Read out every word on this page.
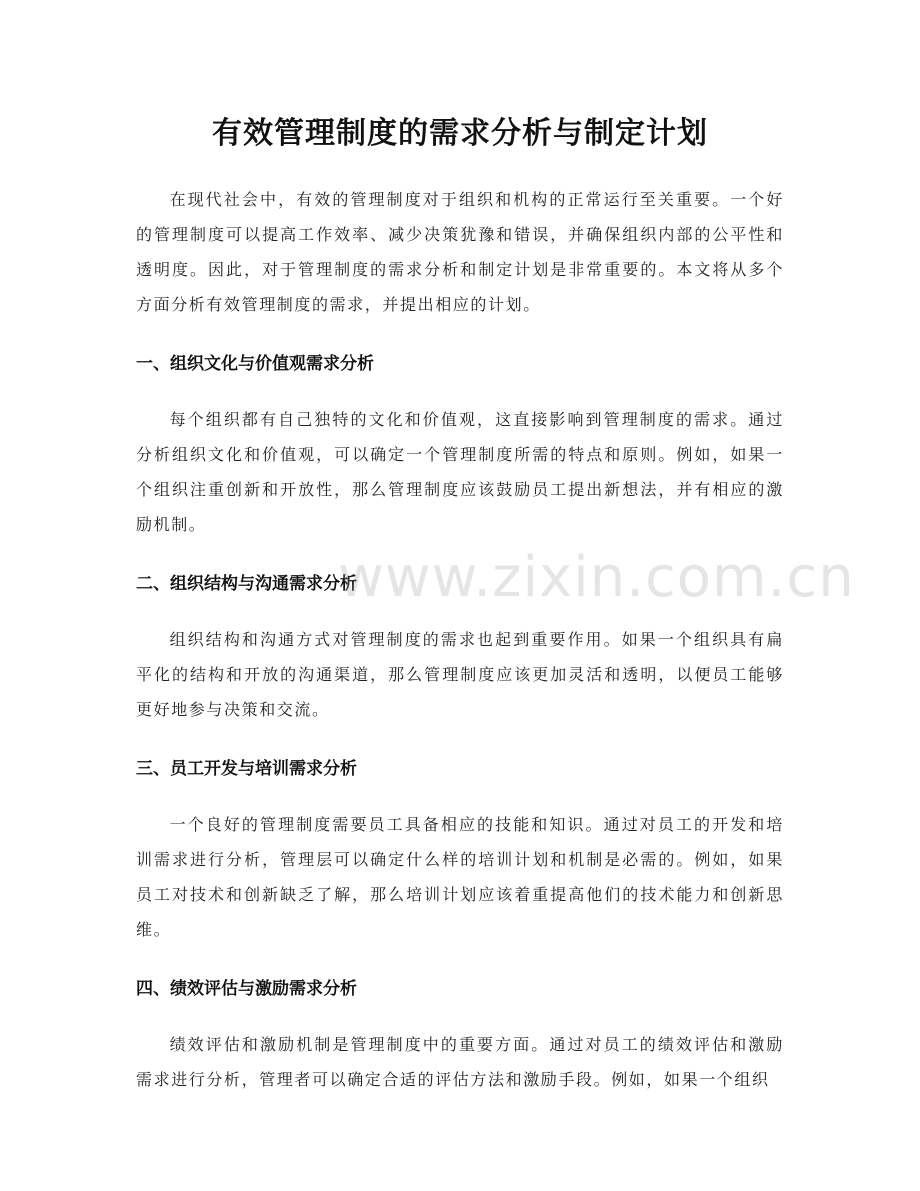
有效管理制度的需求分析与制定计划

在现代社会中，有效的管理制度对于组织和机构的正常运行至关重要。一个好的管理制度可以提高工作效率、减少决策犹豫和错误，并确保组织内部的公平性和透明度。因此，对于管理制度的需求分析和制定计划是非常重要的。本文将从多个方面分析有效管理制度的需求，并提出相应的计划。

一、组织文化与价值观需求分析

每个组织都有自己独特的文化和价值观，这直接影响到管理制度的需求。通过分析组织文化和价值观，可以确定一个管理制度所需的特点和原则。例如，如果一个组织注重创新和开放性，那么管理制度应该鼓励员工提出新想法，并有相应的激励机制。

二、组织结构与沟通需求分析

组织结构和沟通方式对管理制度的需求也起到重要作用。如果一个组织具有扁平化的结构和开放的沟通渠道，那么管理制度应该更加灵活和透明，以便员工能够更好地参与决策和交流。

三、员工开发与培训需求分析

一个良好的管理制度需要员工具备相应的技能和知识。通过对员工的开发和培训需求进行分析，管理层可以确定什么样的培训计划和机制是必需的。例如，如果员工对技术和创新缺乏了解，那么培训计划应该着重提高他们的技术能力和创新思维。

四、绩效评估与激励需求分析

绩效评估和激励机制是管理制度中的重要方面。通过对员工的绩效评估和激励需求进行分析，管理者可以确定合适的评估方法和激励手段。例如，如果一个组织

www.zixin.com.cn
